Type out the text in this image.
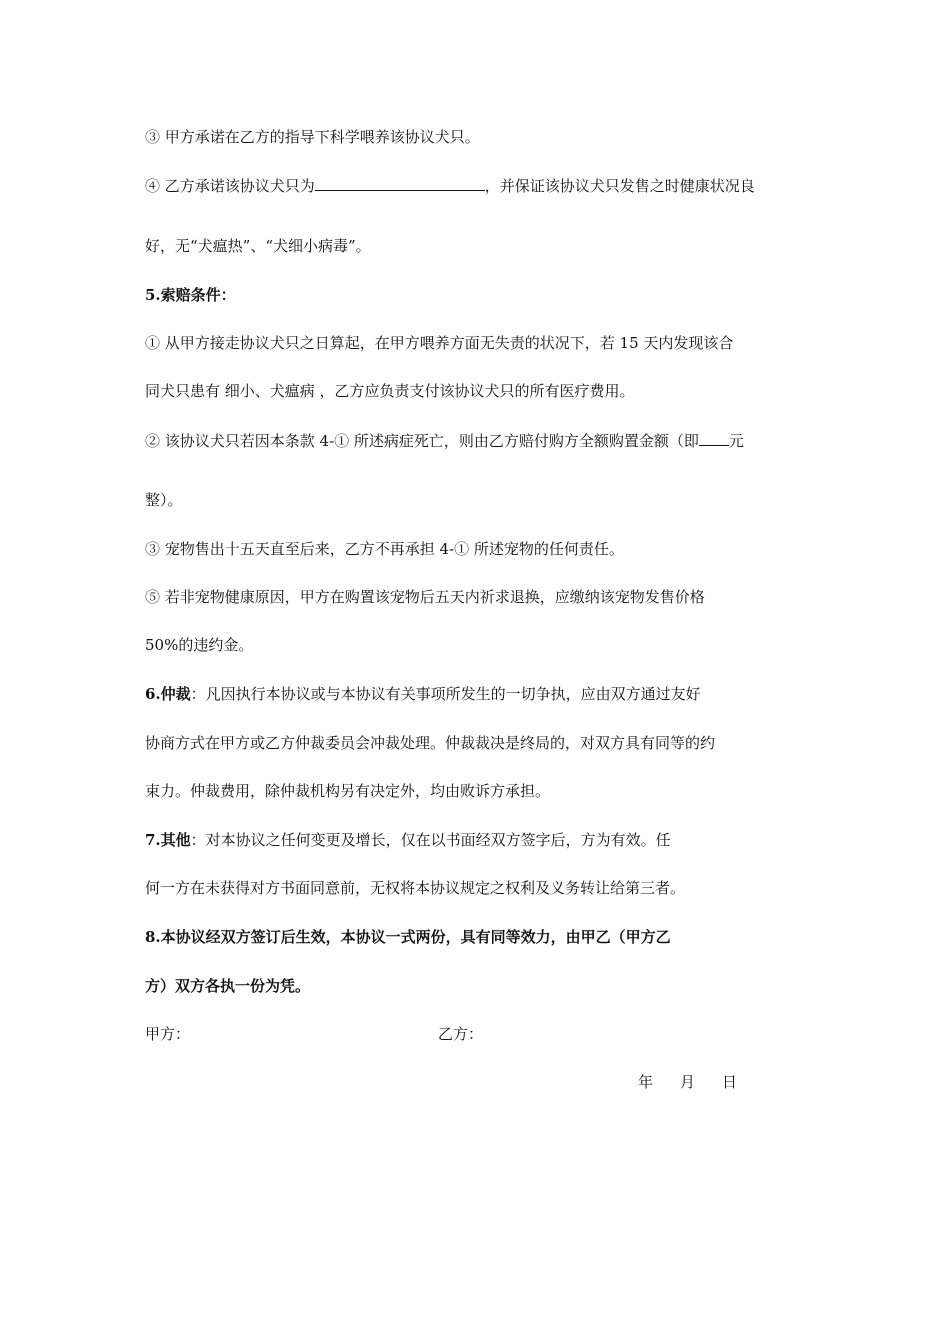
③ 甲方承诺在乙方的指导下科学喂养该协议犬只。
④ 乙方承诺该协议犬只为	，并保证该协议犬只发售之时健康状况良
好，无“犬瘟热”、“犬细小病毒”。
5.索赔条件：
① 从甲方接走协议犬只之日算起，在甲方喂养方面无失责的状况下，若 15 天内发现该合
同犬只患有 细小、犬瘟病 ，乙方应负责支付该协议犬只的所有医疗费用。
② 该协议犬只若因本条款 4-① 所述病症死亡，则由乙方赔付购方全额购置金额（即 元
整）。
③ 宠物售出十五天直至后来，乙方不再承担 4-① 所述宠物的任何责任。
⑤ 若非宠物健康原因，甲方在购置该宠物后五天内祈求退换，应缴纳该宠物发售价格
50%的违约金。
6.仲裁：凡因执行本协议或与本协议有关事项所发生的一切争执，应由双方通过友好
协商方式在甲方或乙方仲裁委员会冲裁处理。仲裁裁决是终局的，对双方具有同等的约
束力。仲裁费用，除仲裁机构另有决定外，均由败诉方承担。
7.其他：对本协议之任何变更及增长，仅在以书面经双方签字后，方为有效。任
何一方在未获得对方书面同意前，无权将本协议规定之权利及义务转让给第三者。
8.本协议经双方签订后生效，本协议一式两份，具有同等效力，由甲乙（甲方乙
方）双方各执一份为凭。
甲方：	乙方：
年 月 日
